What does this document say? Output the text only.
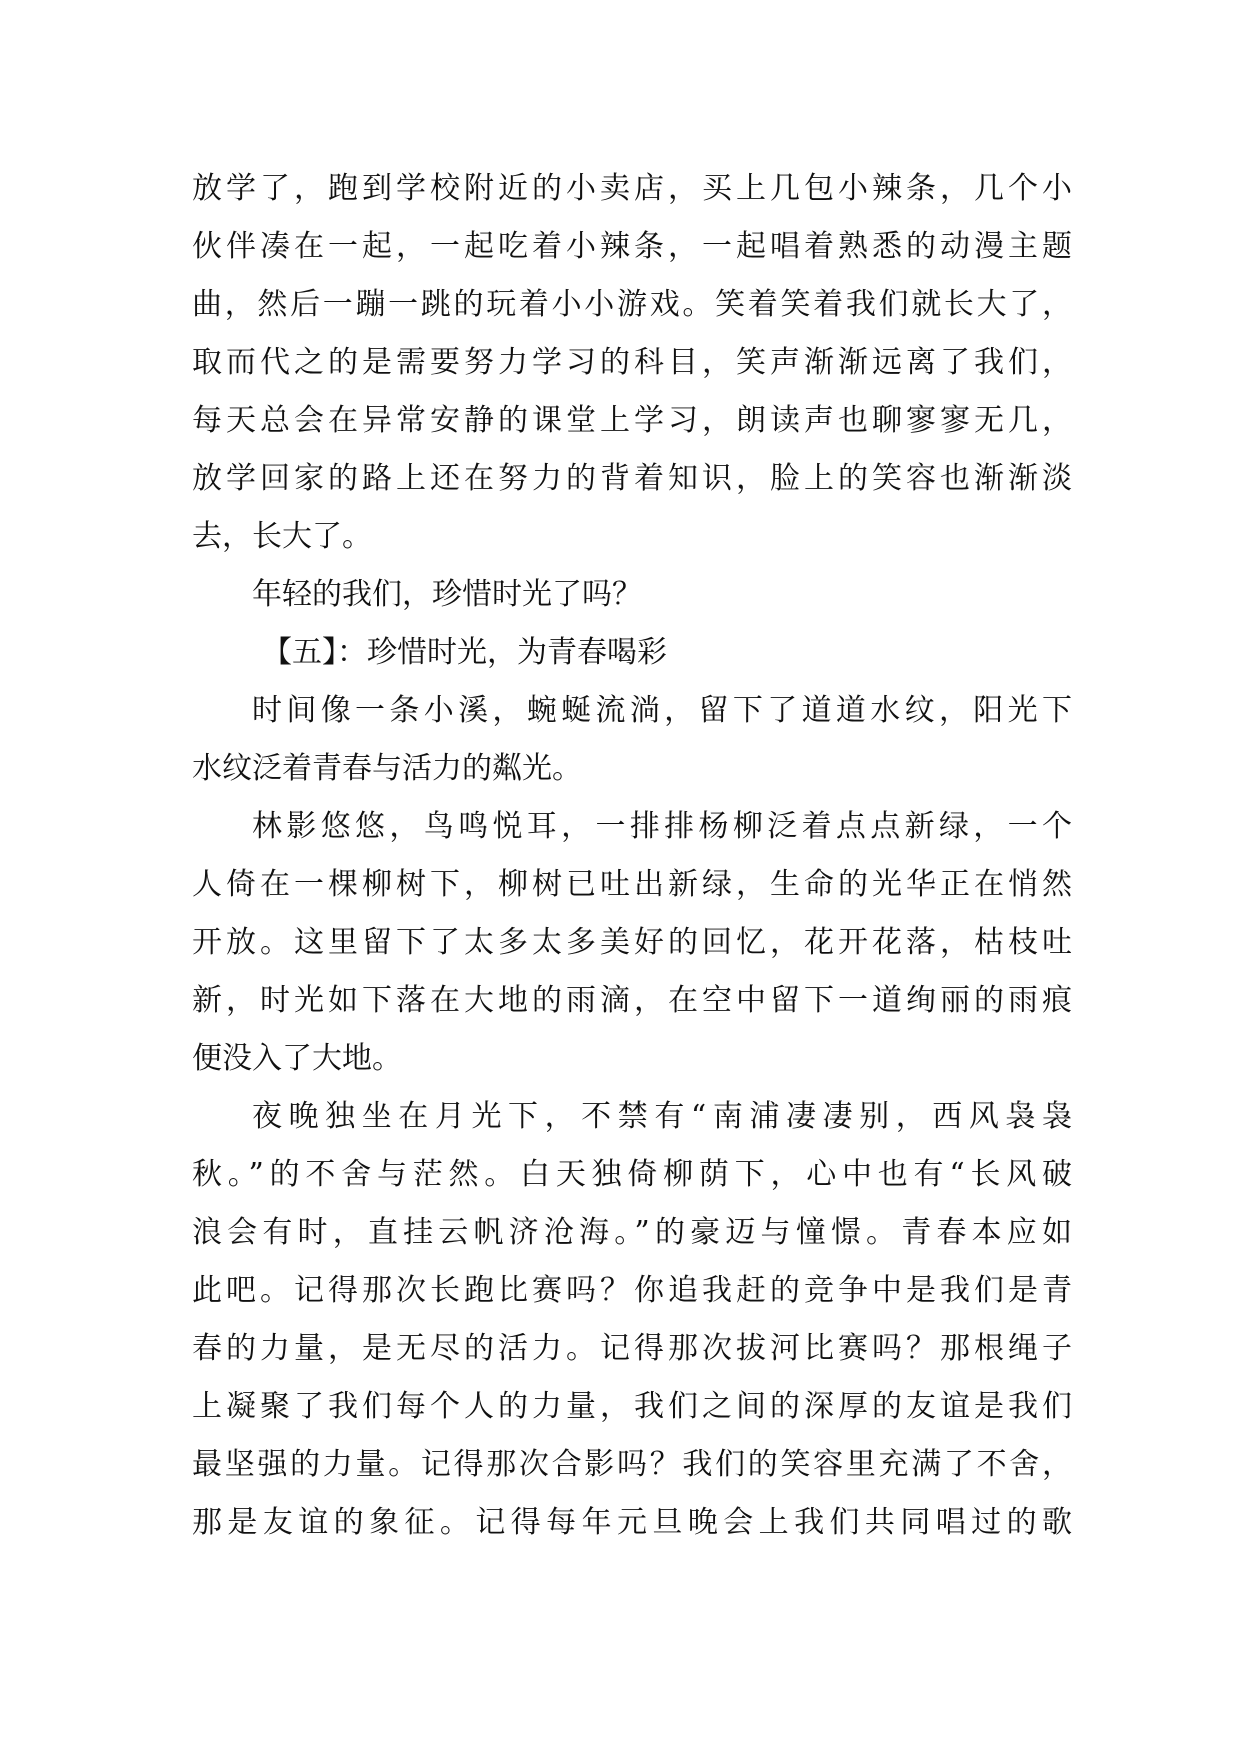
放学了，跑到学校附近的小卖店，买上几包小辣条，几个小
伙伴凑在一起，一起吃着小辣条，一起唱着熟悉的动漫主题
曲，然后一蹦一跳的玩着小小游戏。笑着笑着我们就长大了，
取而代之的是需要努力学习的科目，笑声渐渐远离了我们，
每天总会在异常安静的课堂上学习，朗读声也聊寥寥无几，
放学回家的路上还在努力的背着知识，脸上的笑容也渐渐淡
去，长大了。
年轻的我们，珍惜时光了吗？
【五】：珍惜时光，为青春喝彩
时间像一条小溪，蜿蜒流淌，留下了道道水纹，阳光下
水纹泛着青春与活力的粼光。
林影悠悠，鸟鸣悦耳，一排排杨柳泛着点点新绿，一个
人倚在一棵柳树下，柳树已吐出新绿，生命的光华正在悄然
开放。这里留下了太多太多美好的回忆，花开花落，枯枝吐
新，时光如下落在大地的雨滴，在空中留下一道绚丽的雨痕
便没入了大地。
夜晚独坐在月光下，不禁有“南浦凄凄别，西风袅袅
秋。”的不舍与茫然。白天独倚柳荫下，心中也有“长风破
浪会有时，直挂云帆济沧海。”的豪迈与憧憬。青春本应如
此吧。记得那次长跑比赛吗？你追我赶的竞争中是我们是青
春的力量，是无尽的活力。记得那次拔河比赛吗？那根绳子
上凝聚了我们每个人的力量，我们之间的深厚的友谊是我们
最坚强的力量。记得那次合影吗？我们的笑容里充满了不舍，
那是友谊的象征。记得每年元旦晚会上我们共同唱过的歌
